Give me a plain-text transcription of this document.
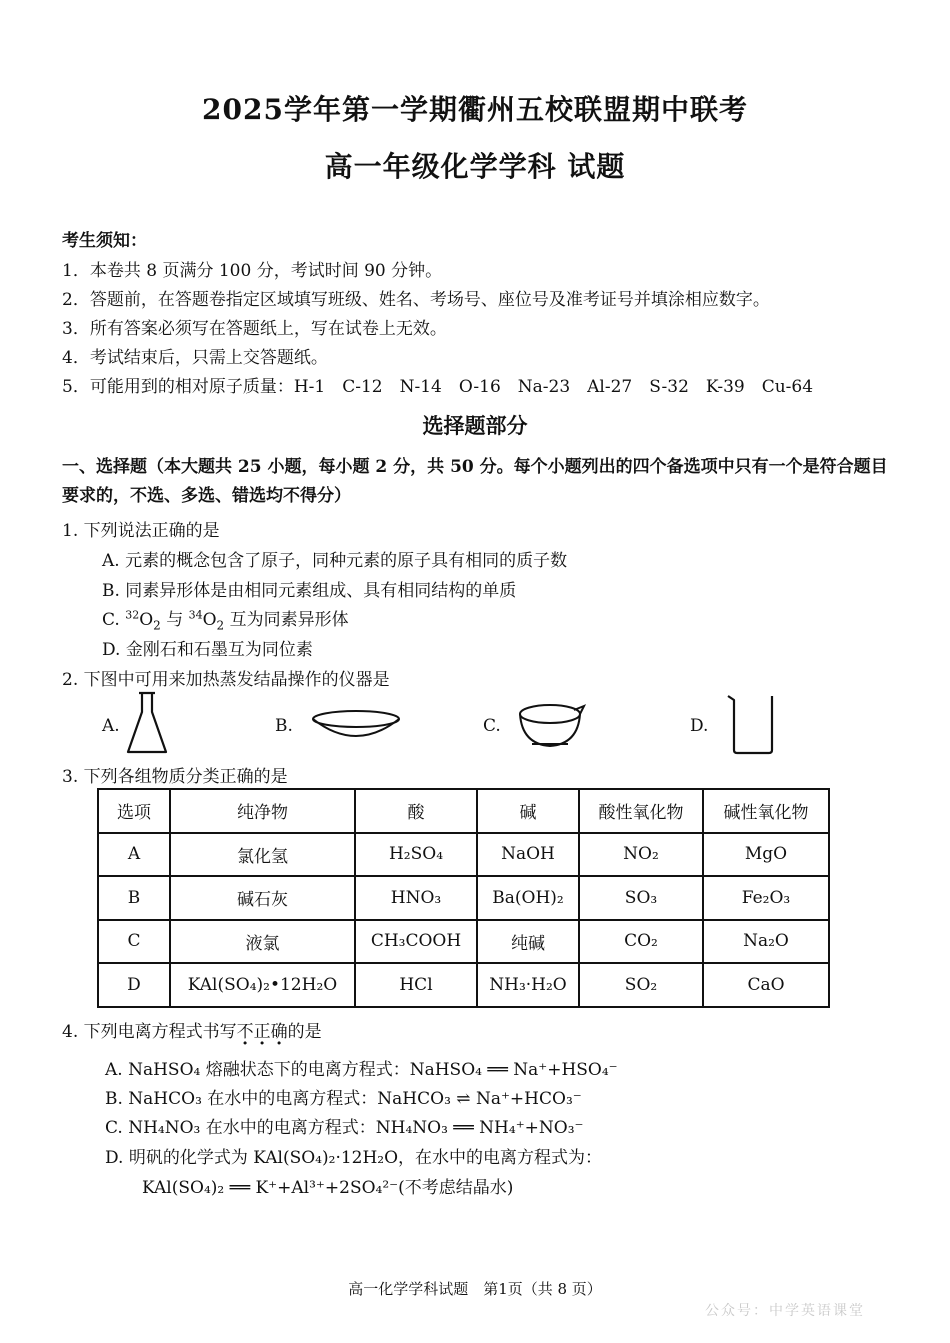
2025学年第一学期衢州五校联盟期中联考
高一年级化学学科 试题
考生须知：
1．本卷共 8 页满分 100 分，考试时间 90 分钟。
2．答题前，在答题卷指定区域填写班级、姓名、考场号、座位号及准考证号并填涂相应数字。
3．所有答案必须写在答题纸上，写在试卷上无效。
4．考试结束后，只需上交答题纸。
5．可能用到的相对原子质量：H-1　C-12　N-14　O-16　Na-23　Al-27　S-32　K-39　Cu-64
选择题部分
一、选择题（本大题共 25 小题，每小题 2 分，共 50 分。每个小题列出的四个备选项中只有一个是符合题目要求的，不选、多选、错选均不得分）
1. 下列说法正确的是
A. 元素的概念包含了原子，同种元素的原子具有相同的质子数
B. 同素异形体是由相同元素组成、具有相同结构的单质
C. $^{32}O_2$ 与 $^{34}O_2$ 互为同素异形体
D. 金刚石和石墨互为同位素
2. 下图中可用来加热蒸发结晶操作的仪器是
A.	B.	C.	D.
3. 下列各组物质分类正确的是
选项	纯净物	酸	碱	酸性氧化物	碱性氧化物
A	氯化氢	H₂SO₄	NaOH	NO₂	MgO
B	碱石灰	HNO₃	Ba(OH)₂	SO₃	Fe₂O₃
C	液氯	CH₃COOH	纯碱	CO₂	Na₂O
D	KAl(SO₄)₂•12H₂O	HCl	NH₃·H₂O	SO₂	CaO
4. 下列电离方程式书写不正确的是
A. NaHSO₄ 熔融状态下的电离方程式：NaHSO₄ ══ Na⁺+HSO₄⁻
B. NaHCO₃ 在水中的电离方程式：NaHCO₃ ⇌ Na⁺+HCO₃⁻
C. NH₄NO₃ 在水中的电离方程式：NH₄NO₃ ══ NH₄⁺+NO₃⁻
D. 明矾的化学式为 KAl(SO₄)₂·12H₂O，在水中的电离方程式为：
KAl(SO₄)₂ ══ K⁺+Al³⁺+2SO₄²⁻(不考虑结晶水)
高一化学学科试题　第1页（共 8 页）
公众号：中学英语课堂
